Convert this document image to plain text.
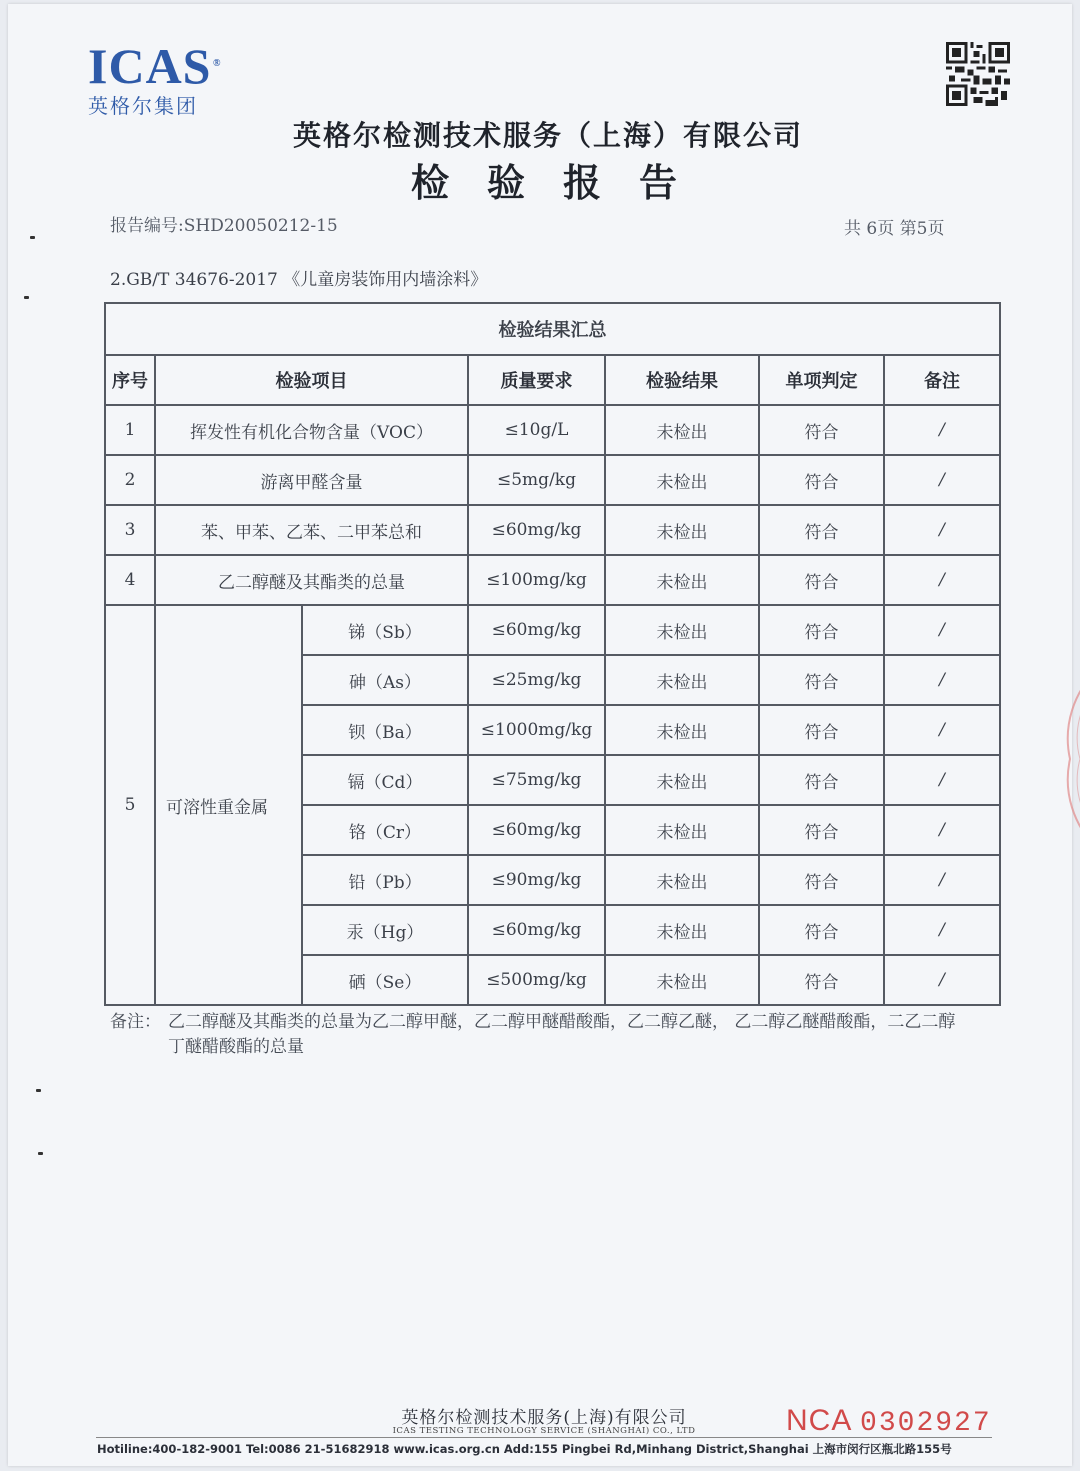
ICAS ®
英格尔集团
英格尔检测技术服务（上海）有限公司
检验报告
报告编号:SHD20050212-15	共 6页 第5页
2.GB/T 34676-2017 《儿童房装饰用内墙涂料》
检验结果汇总						
序号	检验项目		质量要求	检验结果	单项判定	备注
1	挥发性有机化合物含量（VOC）		≤10g/L	未检出	符合	/
2	游离甲醛含量		≤5mg/kg	未检出	符合	/
3	苯、甲苯、乙苯、二甲苯总和		≤60mg/kg	未检出	符合	/
4	乙二醇醚及其酯类的总量		≤100mg/kg	未检出	符合	/
5	可溶性重金属	锑（Sb）	≤60mg/kg	未检出	符合	/
		砷（As）	≤25mg/kg	未检出	符合	/
		钡（Ba）	≤1000mg/kg	未检出	符合	/
		镉（Cd）	≤75mg/kg	未检出	符合	/
		铬（Cr）	≤60mg/kg	未检出	符合	/
		铅（Pb）	≤90mg/kg	未检出	符合	/
		汞（Hg）	≤60mg/kg	未检出	符合	/
		硒（Se）	≤500mg/kg	未检出	符合	/
备注： 乙二醇醚及其酯类的总量为乙二醇甲醚，乙二醇甲醚醋酸酯，乙二醇乙醚， 乙二醇乙醚醋酸酯，二乙二醇丁醚醋酸酯的总量
NCA 0302927
英格尔检测技术服务(上海)有限公司
ICAS TESTING TECHNOLOGY SERVICE (SHANGHAI) CO., LTD
Hotiline:400-182-9001 Tel:0086 21-51682918 www.icas.org.cn Add:155 Pingbei Rd,Minhang District,Shanghai 上海市闵行区瓶北路155号
